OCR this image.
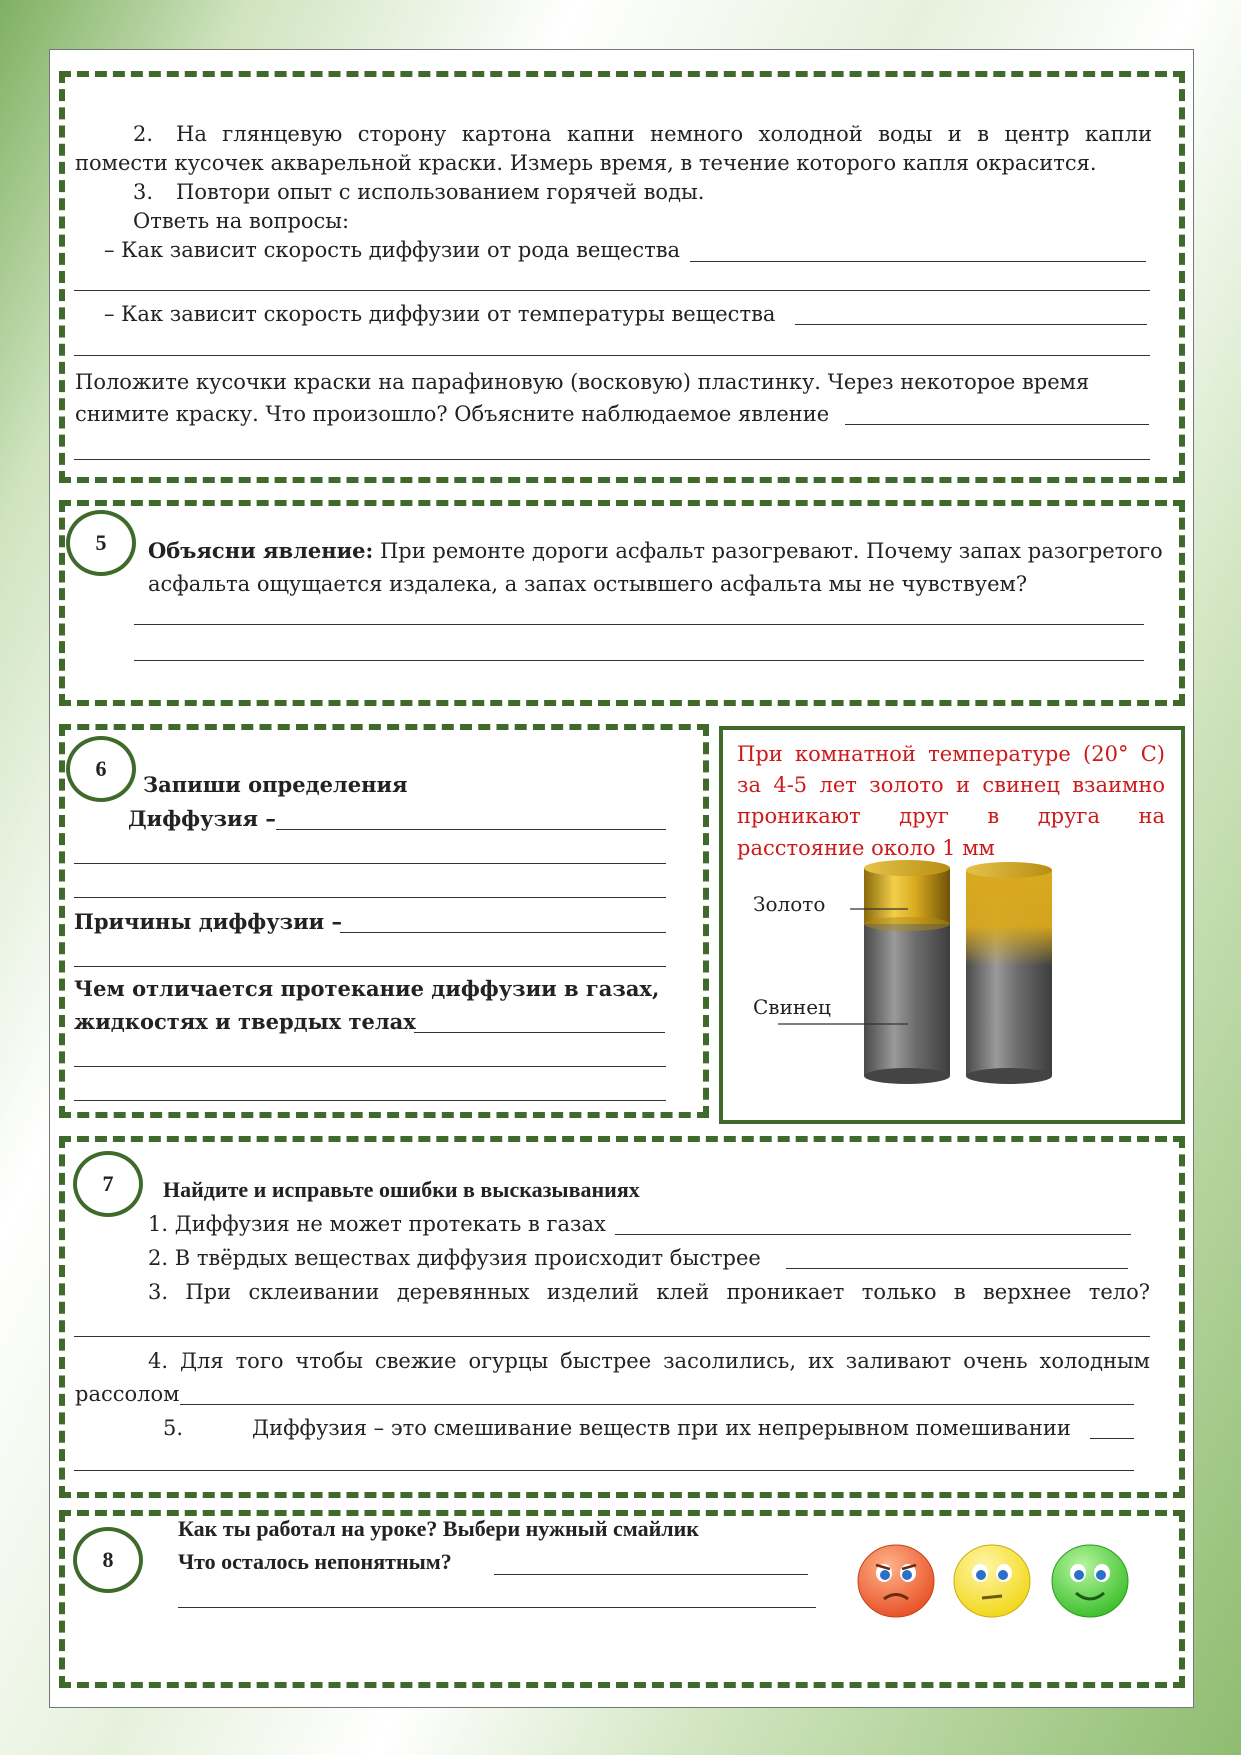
2. На глянцевую сторону картона капни немного холодной воды и в центр капли
помести кусочек акварельной краски. Измерь время, в течение которого капля окрасится.
3. Повтори опыт с использованием горячей воды.
Ответь на вопросы:
– Как зависит скорость диффузии от рода вещества
– Как зависит скорость диффузии от температуры вещества
Положите кусочки краски на парафиновую (восковую) пластинку. Через некоторое время
снимите краску. Что произошло? Объясните наблюдаемое явление
5	Объясни явление: При ремонте дороги асфальт разогревают. Почему запах разогретого
асфальта ощущается издалека, а запах остывшего асфальта мы не чувствуем?
6
Запиши определения
Диффузия –
Причины диффузии –
Чем отличается протекание диффузии в газах,
жидкостях и твердых телах
При комнатной температуре (20° С)
за 4-5 лет золото и свинец взаимно
проникают друг в друга на
расстояние около 1 мм
Золото
Свинец
7	Найдите и исправьте ошибки в высказываниях
1. Диффузия не может протекать в газах
2. В твёрдых веществах диффузия происходит быстрее
3. При склеивании деревянных изделий клей проникает только в верхнее тело?
4. Для того чтобы свежие огурцы быстрее засолились, их заливают очень холодным
рассолом
5.	Диффузия – это смешивание веществ при их непрерывном помешивании
8
Как ты работал на уроке? Выбери нужный смайлик
Что осталось непонятным?
